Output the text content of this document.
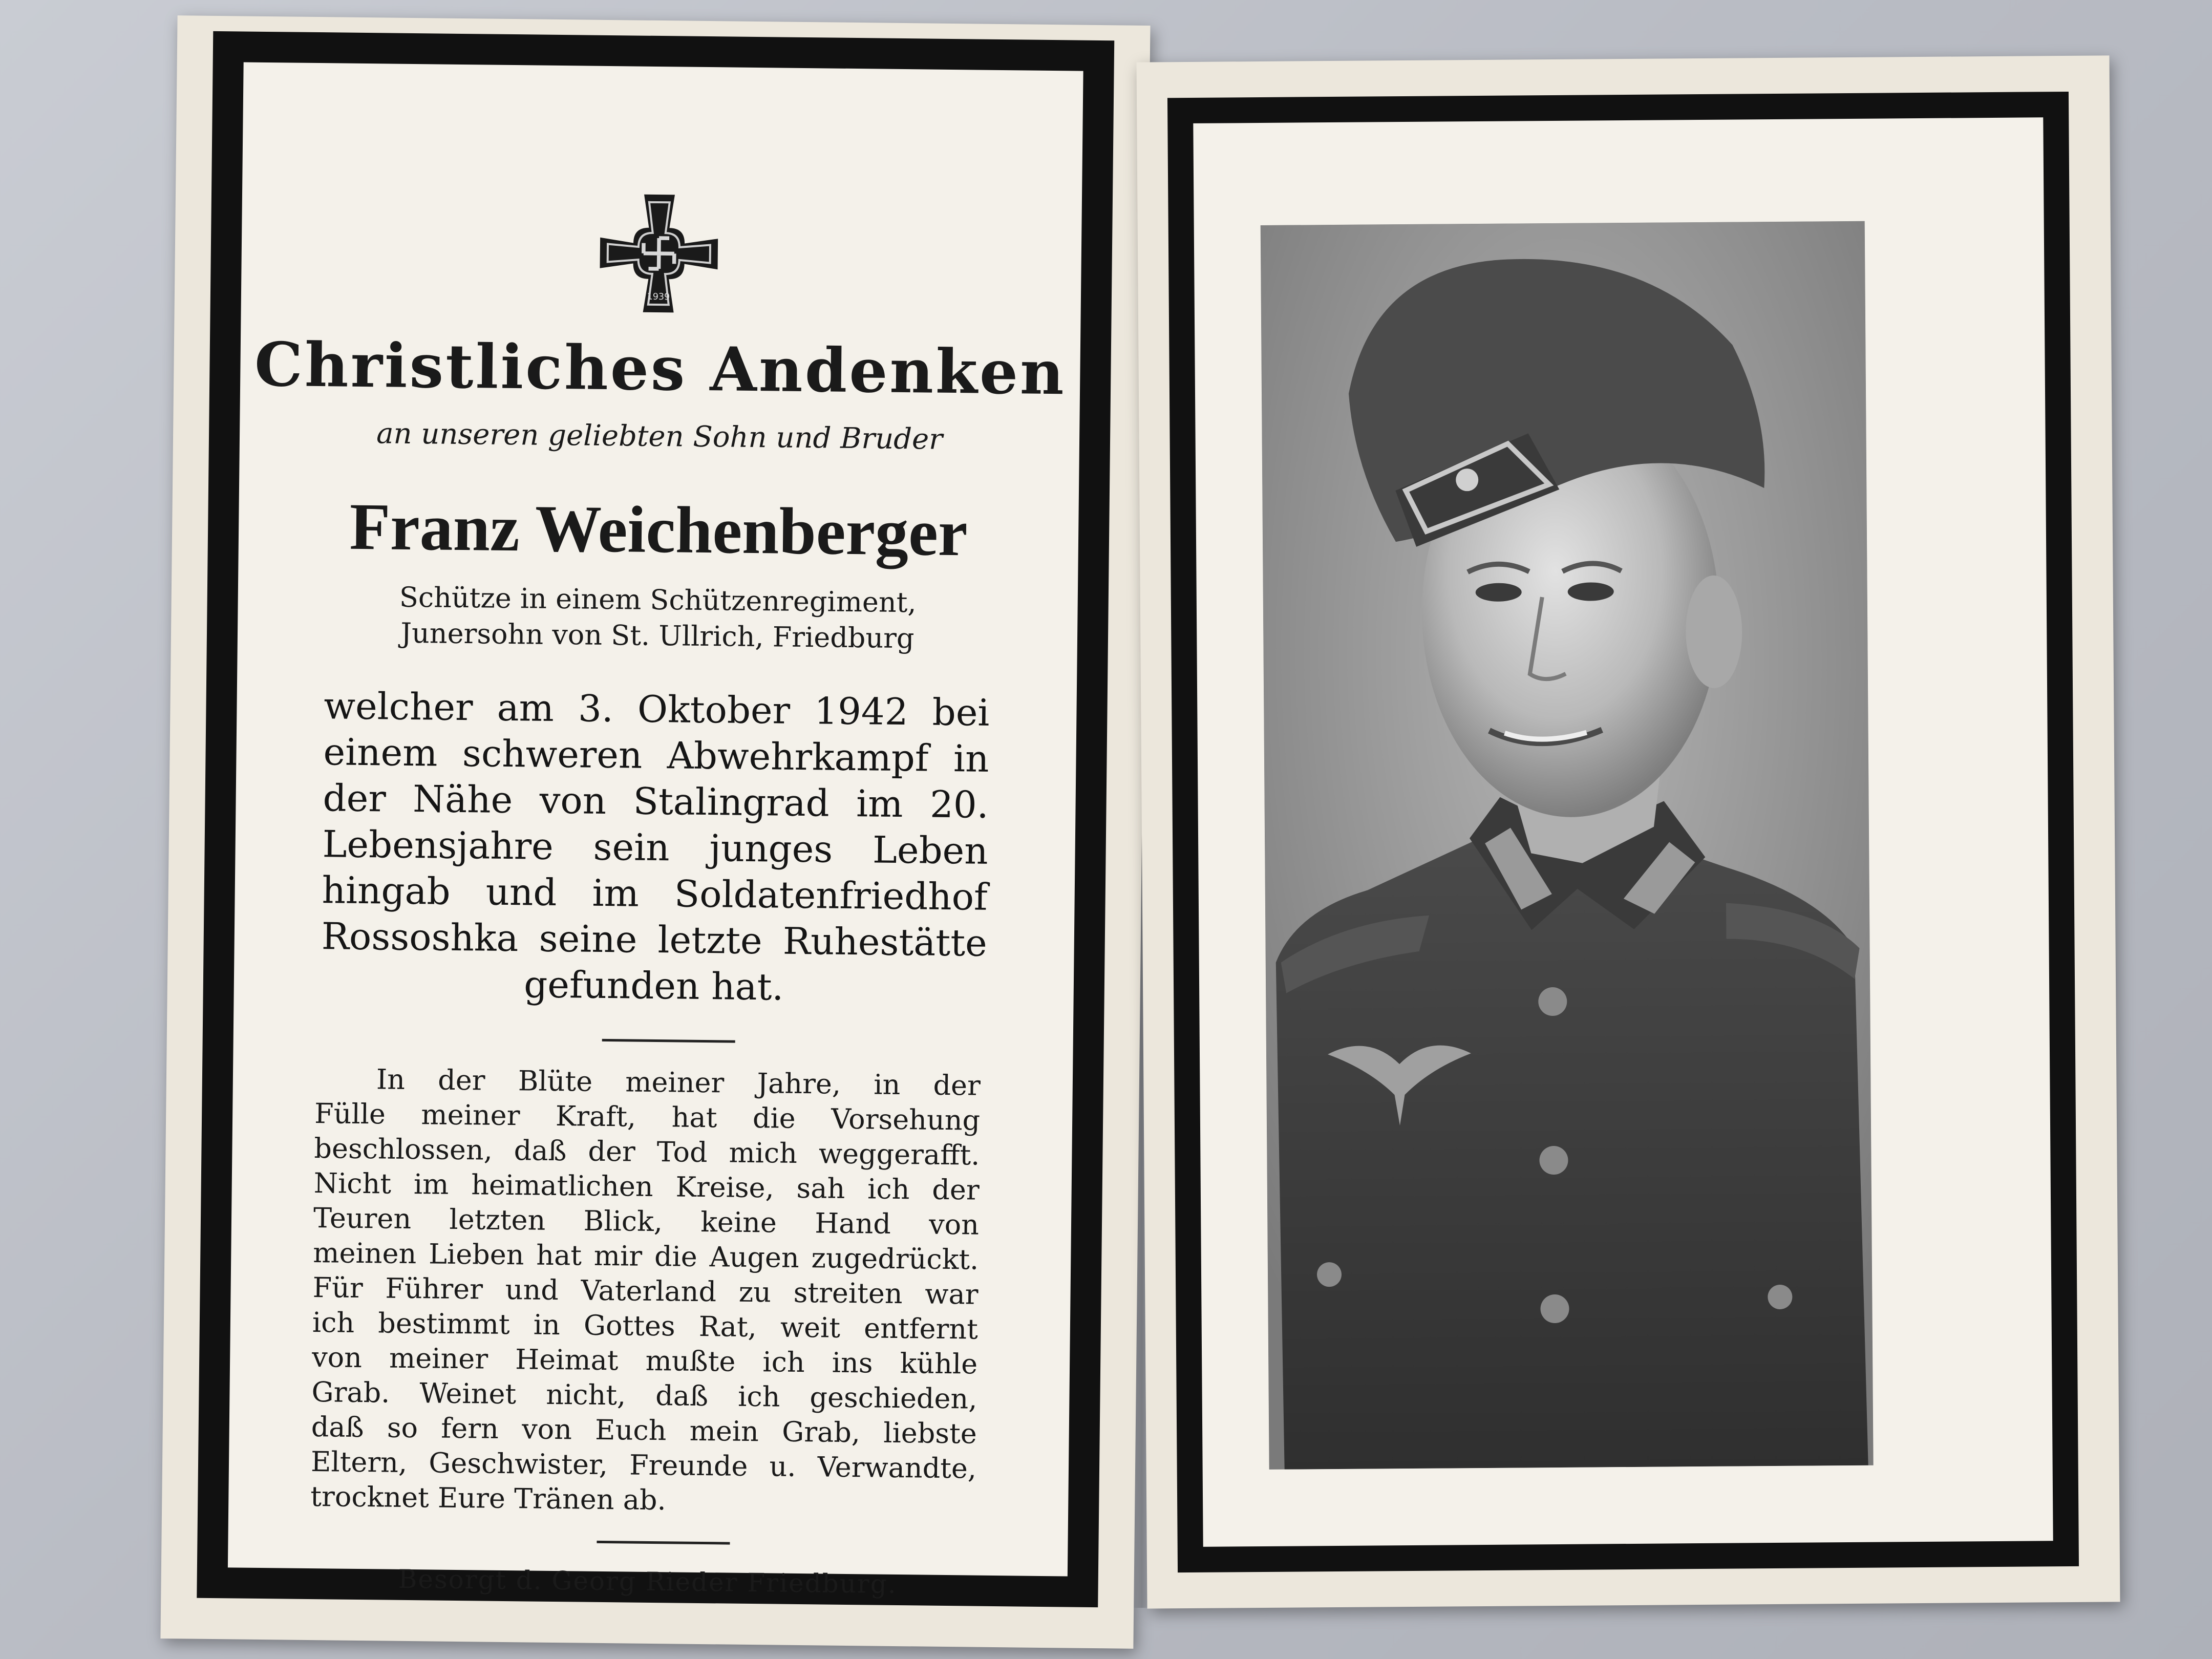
1939
Christliches Andenken
an unseren geliebten Sohn und Bruder
Franz Weichenberger
Schütze in einem Schützenregiment,
Junersohn von St. Ullrich, Friedburg
welcher am 3. Oktober 1942 bei
einem schweren Abwehrkampf in
der Nähe von Stalingrad im 20.
Lebensjahre sein junges Leben
hingab und im Soldatenfriedhof
Rossoshka seine letzte Ruhestätte
gefunden hat.
In der Blüte meiner Jahre, in der
Fülle meiner Kraft, hat die Vorsehung
beschlossen, daß der Tod mich weggerafft.
Nicht im heimatlichen Kreise, sah ich der
Teuren letzten Blick, keine Hand von
meinen Lieben hat mir die Augen zugedrückt.
Für Führer und Vaterland zu streiten war
ich bestimmt in Gottes Rat, weit entfernt
von meiner Heimat mußte ich ins kühle
Grab. Weinet nicht, daß ich geschieden,
daß so fern von Euch mein Grab, liebste
Eltern, Geschwister, Freunde u. Verwandte,
trocknet Eure Tränen ab.
Besorgt d. Georg Rieder Friedburg.
